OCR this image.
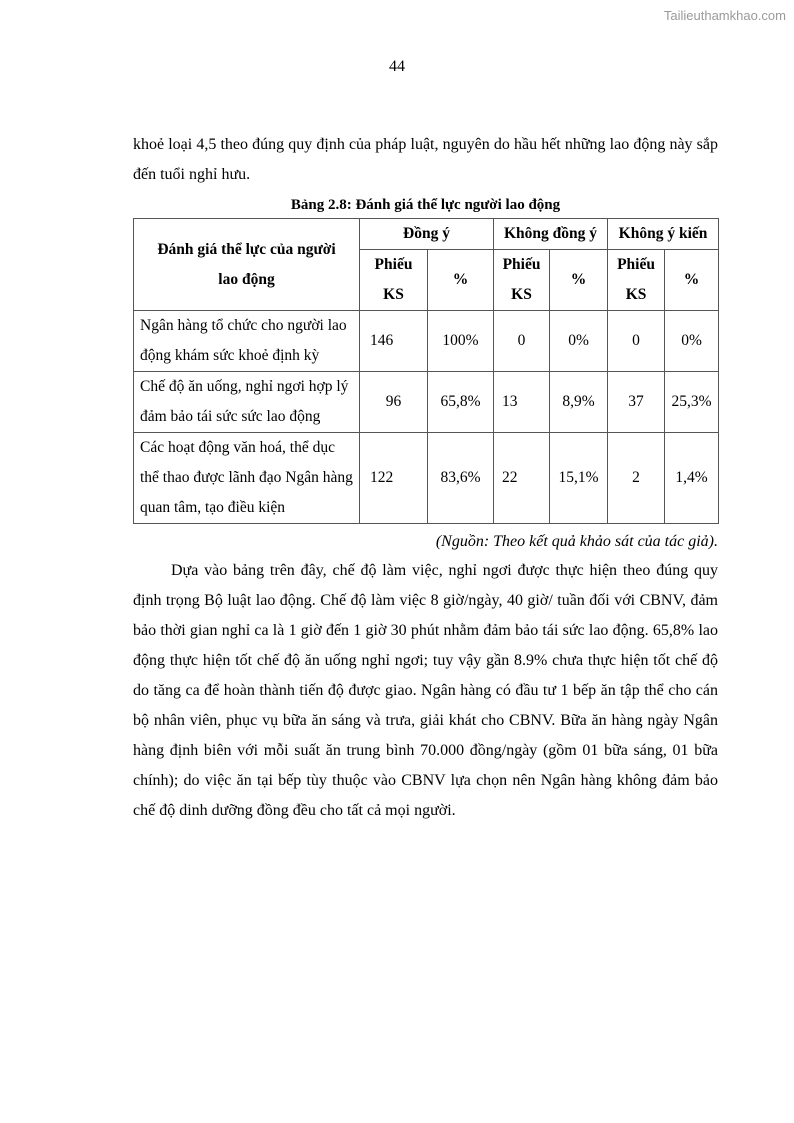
Tailieuthamkhao.com
44

khoẻ loại 4,5 theo đúng quy định của pháp luật, nguyên do hầu hết những lao động này sắp đến tuổi nghỉ hưu.

Bảng 2.8: Đánh giá thể lực người lao động
Đánh giá thể lực của người lao động	Đồng ý		Không đồng ý		Không ý kiến	
	Phiếu KS	%	Phiếu KS	%	Phiếu KS	%
Ngân hàng tổ chức cho người lao động khám sức khoẻ định kỳ	146	100%	0	0%	0	0%
Chế độ ăn uống, nghỉ ngơi hợp lý đảm bảo tái sức sức lao động	96	65,8%	13	8,9%	37	25,3%
Các hoạt động văn hoá, thể dục thể thao được lãnh đạo Ngân hàng quan tâm, tạo điều kiện	122	83,6%	22	15,1%	2	1,4%

(Nguồn: Theo kết quả khảo sát của tác giả).

Dựa vào bảng trên đây, chế độ làm việc, nghỉ ngơi được thực hiện theo đúng quy định trọng Bộ luật lao động. Chế độ làm việc 8 giờ/ngày, 40 giờ/ tuần đối với CBNV, đảm bảo thời gian nghỉ ca là 1 giờ đến 1 giờ 30 phút nhằm đảm bảo tái sức lao động. 65,8% lao động thực hiện tốt chế độ ăn uống nghỉ ngơi; tuy vậy gần 8.9% chưa thực hiện tốt chế độ do tăng ca để hoàn thành tiến độ được giao. Ngân hàng có đầu tư 1 bếp ăn tập thể cho cán bộ nhân viên, phục vụ bữa ăn sáng và trưa, giải khát cho CBNV. Bữa ăn hàng ngày Ngân hàng định biên với mỗi suất ăn trung bình 70.000 đồng/ngày (gồm 01 bữa sáng, 01 bữa chính); do việc ăn tại bếp tùy thuộc vào CBNV lựa chọn nên Ngân hàng không đảm bảo chế độ dinh dưỡng đồng đều cho tất cả mọi người.
